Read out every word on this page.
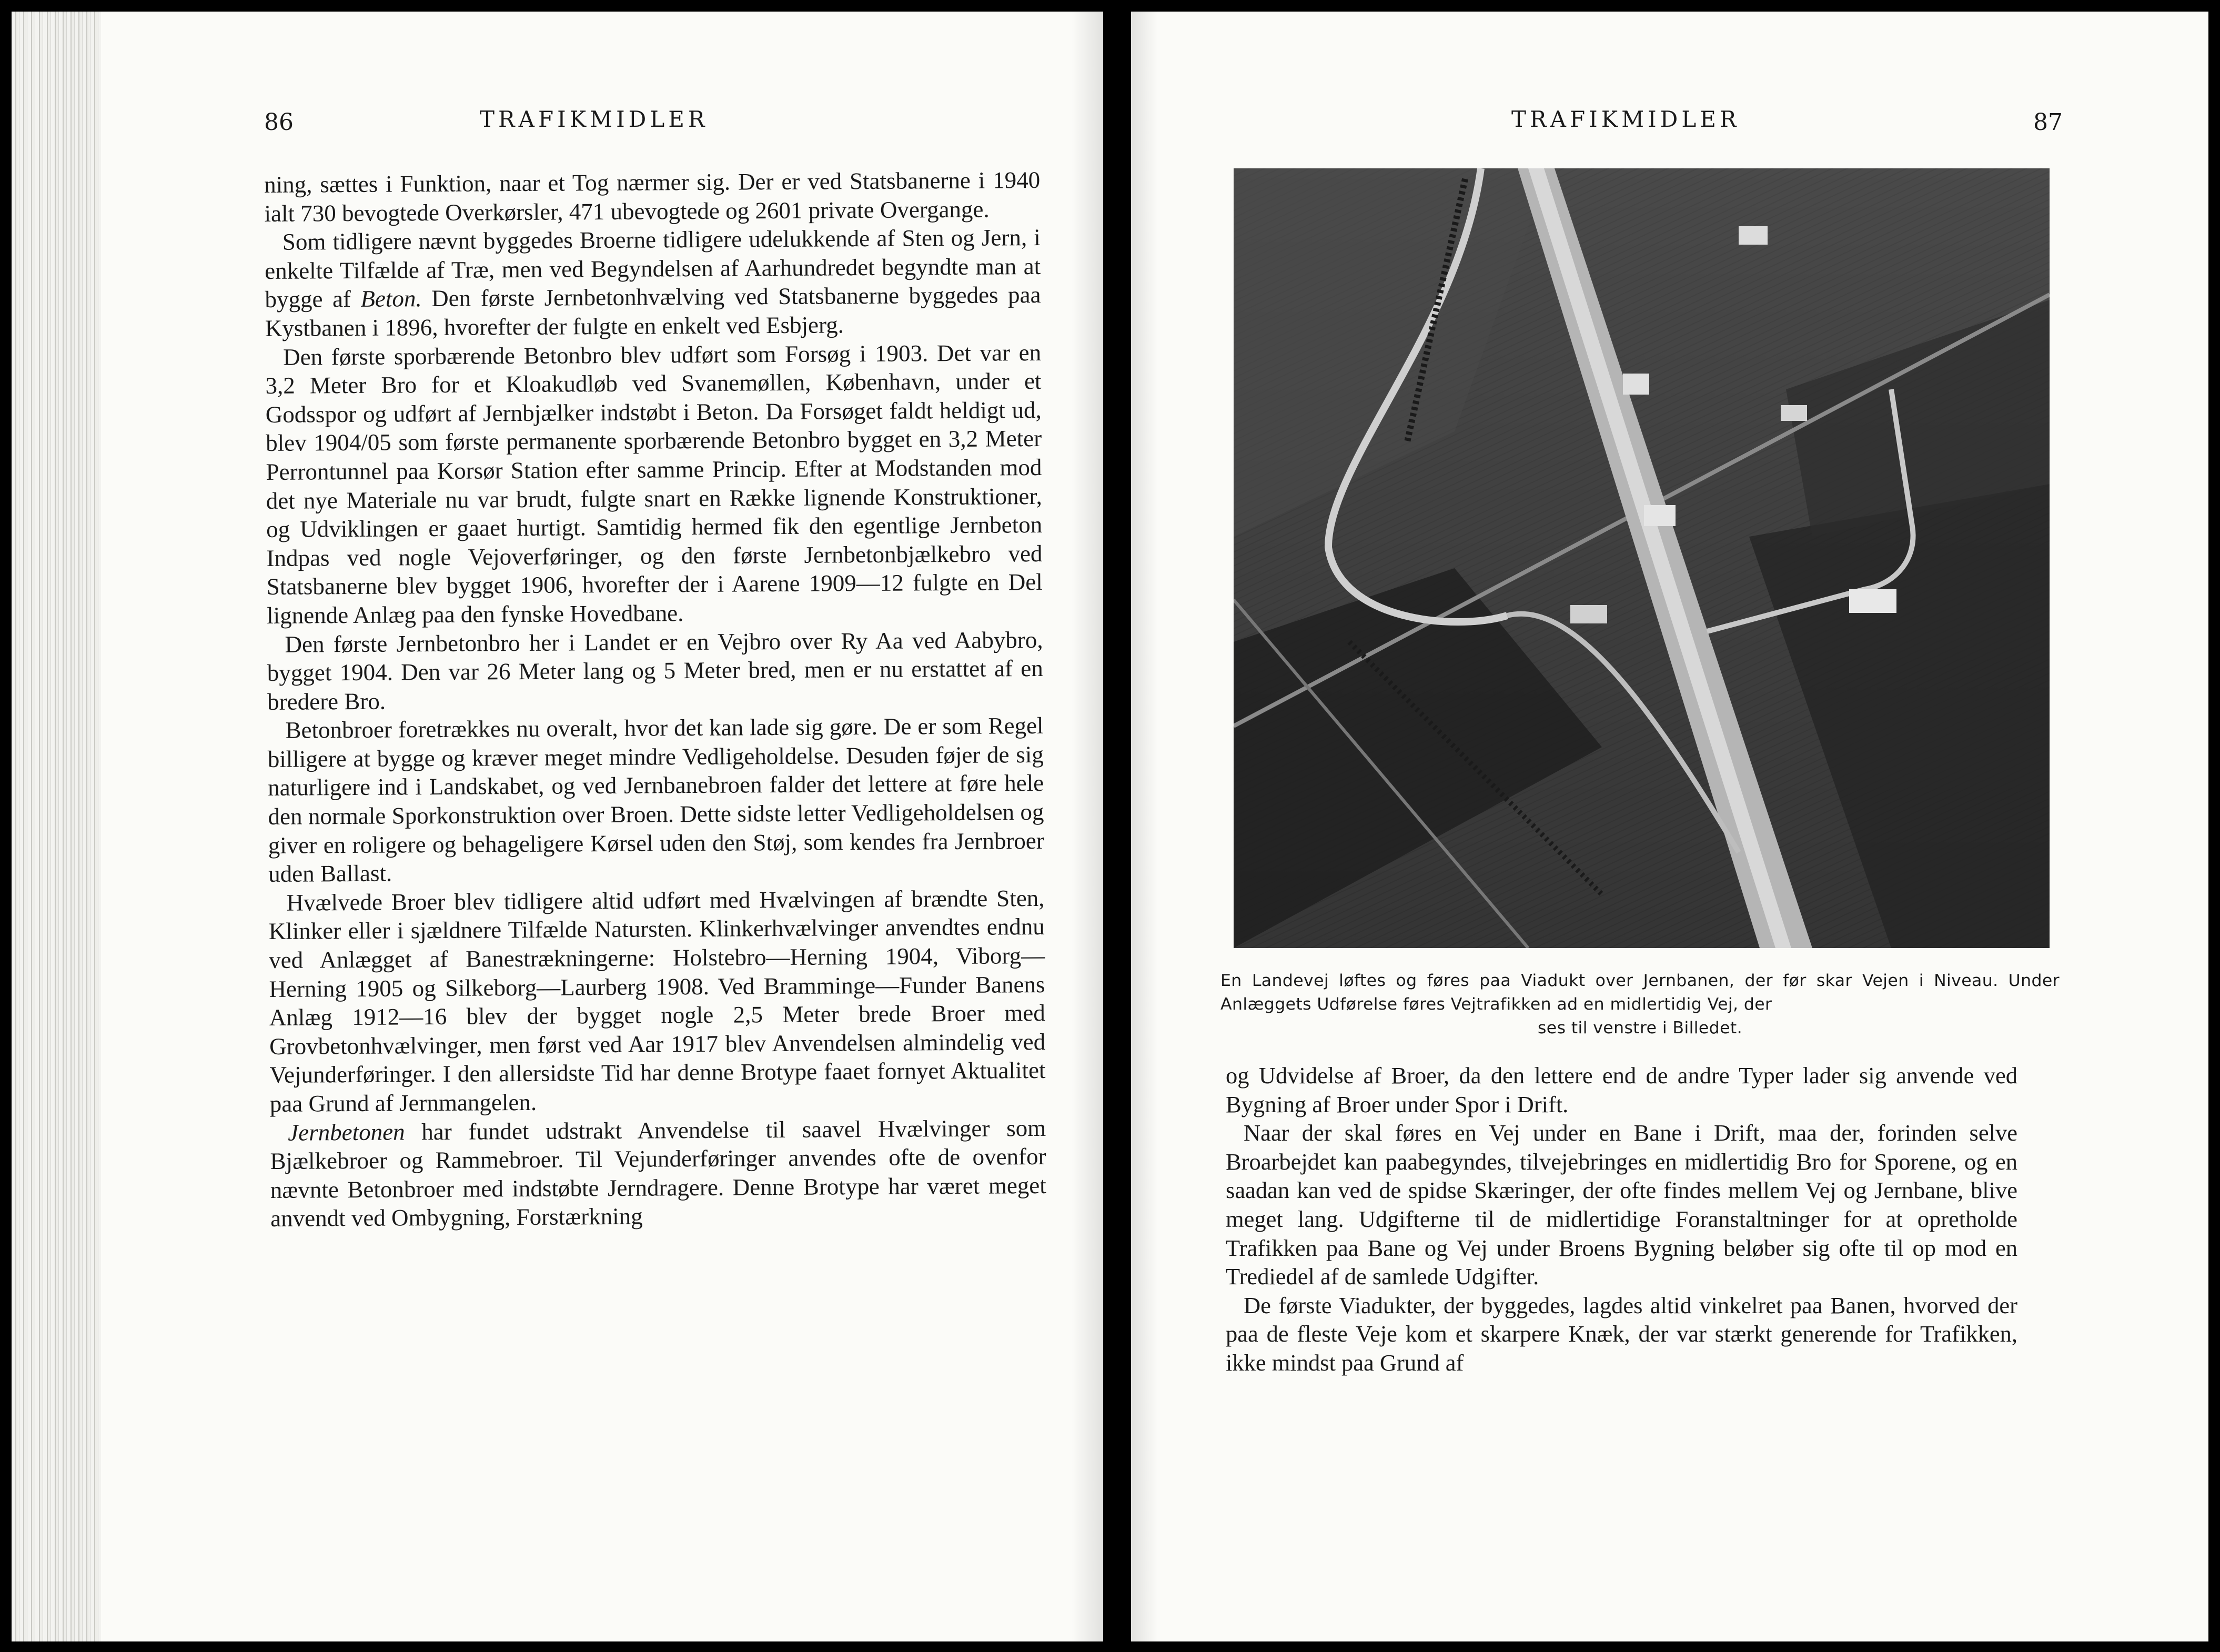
86	TRAFIKMIDLER

ning, sættes i Funktion, naar et Tog nærmer sig. Der er ved Statsbanerne i 1940 ialt 730 bevogtede Overkørsler, 471 ubevogtede og 2601 private Overgange.

Som tidligere nævnt byggedes Broerne tidligere udelukkende af Sten og Jern, i enkelte Tilfælde af Træ, men ved Begyndelsen af Aarhundredet begyndte man at bygge af Beton. Den første Jernbetonhvælving ved Statsbanerne byggedes paa Kystbanen i 1896, hvorefter der fulgte en enkelt ved Esbjerg.

Den første sporbærende Betonbro blev udført som Forsøg i 1903. Det var en 3,2 Meter Bro for et Kloakudløb ved Svanemøllen, København, under et Godsspor og udført af Jernbjælker indstøbt i Beton. Da Forsøget faldt heldigt ud, blev 1904/05 som første permanente sporbærende Betonbro bygget en 3,2 Meter Perrontunnel paa Korsør Station efter samme Princip. Efter at Modstanden mod det nye Materiale nu var brudt, fulgte snart en Række lignende Konstruktioner, og Udviklingen er gaaet hurtigt. Samtidig hermed fik den egentlige Jernbeton Indpas ved nogle Vejoverføringer, og den første Jernbetonbjælkebro ved Statsbanerne blev bygget 1906, hvorefter der i Aarene 1909—12 fulgte en Del lignende Anlæg paa den fynske Hovedbane.

Den første Jernbetonbro her i Landet er en Vejbro over Ry Aa ved Aabybro, bygget 1904. Den var 26 Meter lang og 5 Meter bred, men er nu erstattet af en bredere Bro.

Betonbroer foretrækkes nu overalt, hvor det kan lade sig gøre. De er som Regel billigere at bygge og kræver meget mindre Vedligeholdelse. Desuden føjer de sig naturligere ind i Landskabet, og ved Jernbanebroen falder det lettere at føre hele den normale Sporkonstruktion over Broen. Dette sidste letter Vedligeholdelsen og giver en roligere og behageligere Kørsel uden den Støj, som kendes fra Jernbroer uden Ballast.

Hvælvede Broer blev tidligere altid udført med Hvælvingen af brændte Sten, Klinker eller i sjældnere Tilfælde Natursten. Klinkerhvælvinger anvendtes endnu ved Anlægget af Banestrækningerne: Holstebro—Herning 1904, Viborg—Herning 1905 og Silkeborg—Laurberg 1908. Ved Bramminge—Funder Banens Anlæg 1912—16 blev der bygget nogle 2,5 Meter brede Broer med Grovbetonhvælvinger, men først ved Aar 1917 blev Anvendelsen almindelig ved Vejunderføringer. I den allersidste Tid har denne Brotype faaet fornyet Aktualitet paa Grund af Jernmangelen.

Jernbetonen har fundet udstrakt Anvendelse til saavel Hvælvinger som Bjælkebroer og Rammebroer. Til Vejunderføringer anvendes ofte de ovenfor nævnte Betonbroer med indstøbte Jerndragere. Denne Brotype har været meget anvendt ved Ombygning, Forstærkning

TRAFIKMIDLER	87
En Landevej løftes og føres paa Viadukt over Jernbanen, der før skar Vejen i Niveau. Under Anlæggets Udførelse føres Vejtrafikken ad en midlertidig Vej, der
ses til venstre i Billedet.

og Udvidelse af Broer, da den lettere end de andre Typer lader sig anvende ved Bygning af Broer under Spor i Drift.

Naar der skal føres en Vej under en Bane i Drift, maa der, forinden selve Broarbejdet kan paabegyndes, tilvejebringes en midlertidig Bro for Sporene, og en saadan kan ved de spidse Skæringer, der ofte findes mellem Vej og Jernbane, blive meget lang. Udgifterne til de midlertidige Foranstaltninger for at opretholde Trafikken paa Bane og Vej under Broens Bygning beløber sig ofte til op mod en Trediedel af de samlede Udgifter.

De første Viadukter, der byggedes, lagdes altid vinkelret paa Banen, hvorved der paa de fleste Veje kom et skarpere Knæk, der var stærkt generende for Trafikken, ikke mindst paa Grund af
